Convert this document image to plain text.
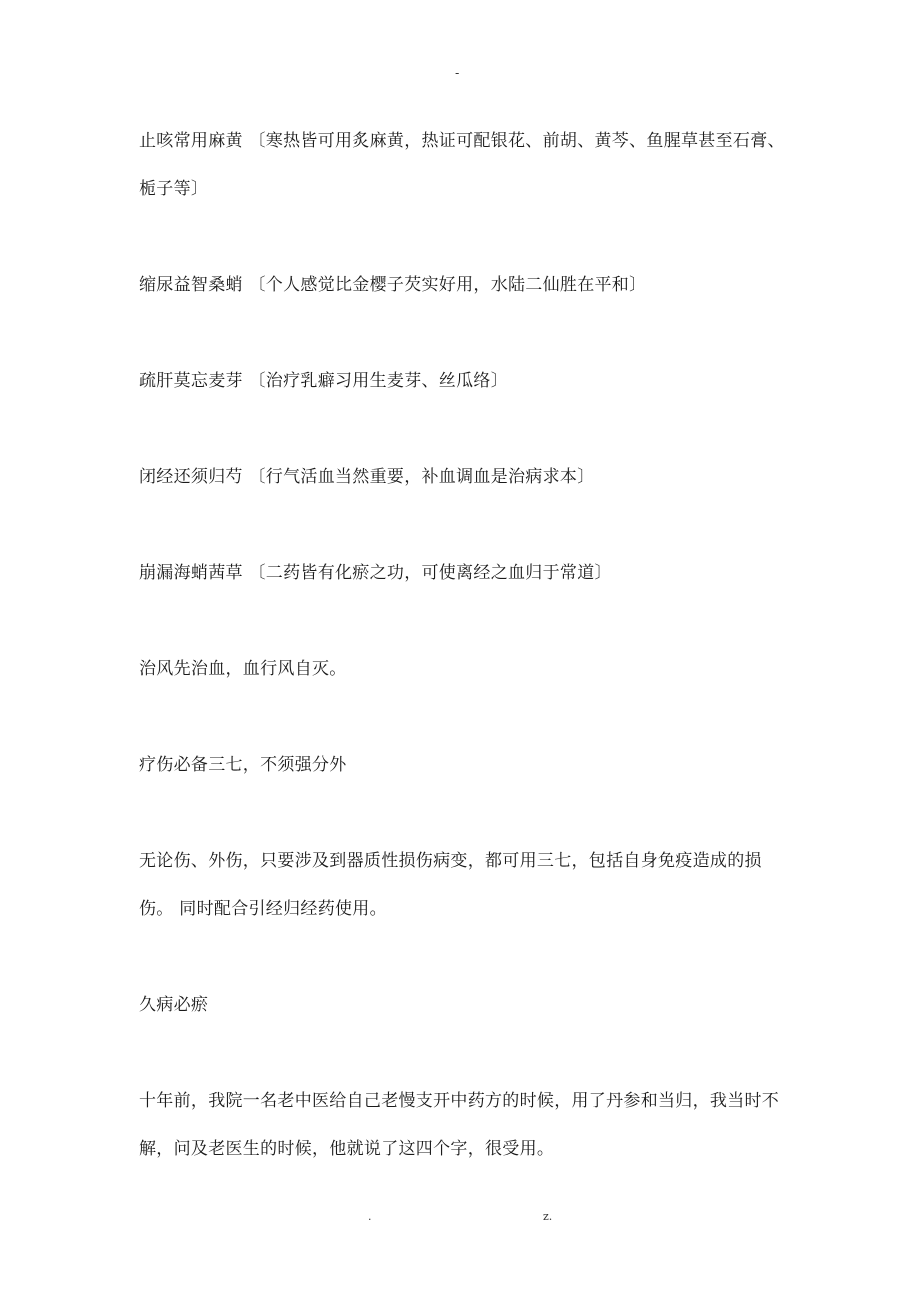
-

止咳常用麻黄 〔寒热皆可用炙麻黄，热证可配银花、前胡、黄芩、鱼腥草甚至石膏、栀子等〕

缩尿益智桑蛸 〔个人感觉比金樱子芡实好用，水陆二仙胜在平和〕

疏肝莫忘麦芽 〔治疗乳癖习用生麦芽、丝瓜络〕

闭经还须归芍 〔行气活血当然重要，补血调血是治病求本〕

崩漏海蛸茜草 〔二药皆有化瘀之功，可使离经之血归于常道〕

治风先治血，血行风自灭。

疗伤必备三七，不须强分外

无论伤、外伤，只要涉及到器质性损伤病变，都可用三七，包括自身免疫造成的损伤。 同时配合引经归经药使用。

久病必瘀

十年前，我院一名老中医给自己老慢支开中药方的时候，用了丹参和当归，我当时不解，问及老医生的时候，他就说了这四个字，很受用。

.	z.
